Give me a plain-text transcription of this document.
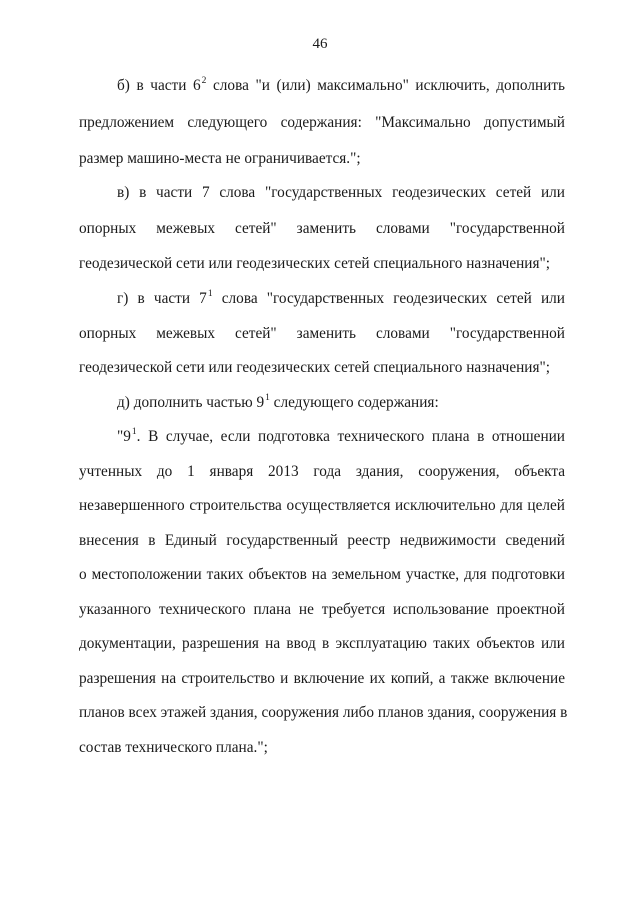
46
б) в части $6^2$ слова "и (или) максимально" исключить, дополнить
предложением следующего содержания: "Максимально допустимый
размер машино-места не ограничивается.";
в) в части 7 слова "государственных геодезических сетей или
опорных межевых сетей" заменить словами "государственной
геодезической сети или геодезических сетей специального назначения";
г) в части $7^1$ слова "государственных геодезических сетей или
опорных межевых сетей" заменить словами "государственной
геодезической сети или геодезических сетей специального назначения";
д) дополнить частью $9^1$ следующего содержания:
"$9^1$. В случае, если подготовка технического плана в отношении
учтенных до 1 января 2013 года здания, сооружения, объекта
незавершенного строительства осуществляется исключительно для целей
внесения в Единый государственный реестр недвижимости сведений
о местоположении таких объектов на земельном участке, для подготовки
указанного технического плана не требуется использование проектной
документации, разрешения на ввод в эксплуатацию таких объектов или
разрешения на строительство и включение их копий, а также включение
планов всех этажей здания, сооружения либо планов здания, сооружения в
состав технического плана.";
